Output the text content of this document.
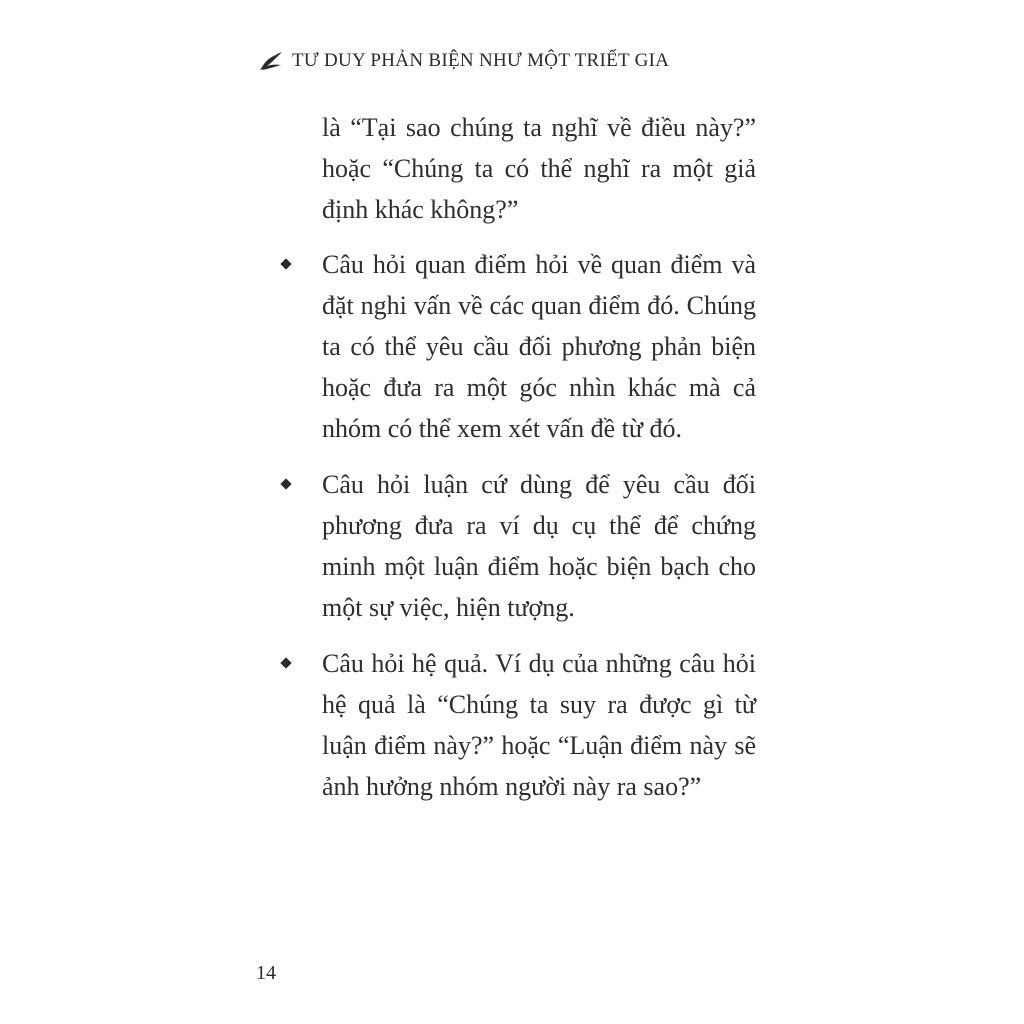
TƯ DUY PHẢN BIỆN NHƯ MỘT TRIẾT GIA
là “Tại sao chúng ta nghĩ về điều này?”
hoặc “Chúng ta có thể nghĩ ra một giả
định khác không?”
Câu hỏi quan điểm hỏi về quan điểm và
đặt nghi vấn về các quan điểm đó. Chúng
ta có thể yêu cầu đối phương phản biện
hoặc đưa ra một góc nhìn khác mà cả
nhóm có thể xem xét vấn đề từ đó.
Câu hỏi luận cứ dùng để yêu cầu đối
phương đưa ra ví dụ cụ thể để chứng
minh một luận điểm hoặc biện bạch cho
một sự việc, hiện tượng.
Câu hỏi hệ quả. Ví dụ của những câu hỏi
hệ quả là “Chúng ta suy ra được gì từ
luận điểm này?” hoặc “Luận điểm này sẽ
ảnh hưởng nhóm người này ra sao?”
14
